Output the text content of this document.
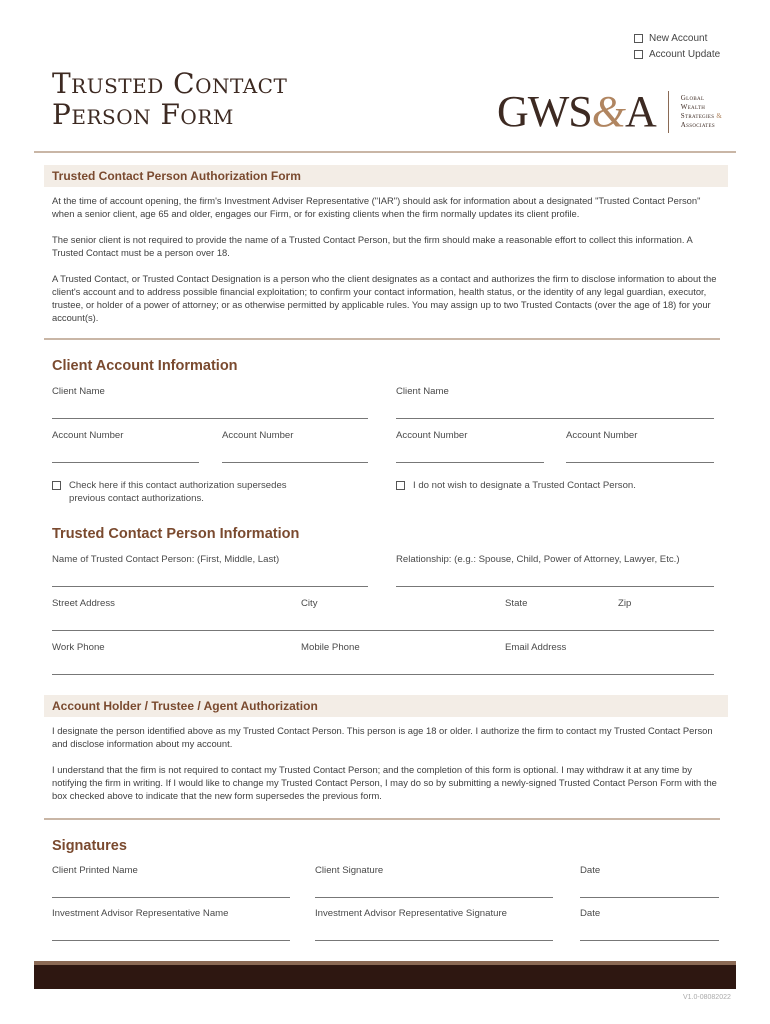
New Account
Account Update
Trusted Contact
Person Form	GWS&A	Global
Wealth
Strategies &
Associates
Trusted Contact Person Authorization Form
At the time of account opening, the firm's Investment Adviser Representative ("IAR") should ask for information about a designated "Trusted Contact Person" when a senior client, age 65 and older, engages our Firm, or for existing clients when the firm normally updates its client profile.
The senior client is not required to provide the name of a Trusted Contact Person, but the firm should make a reasonable effort to collect this information. A Trusted Contact must be a person over 18.
A Trusted Contact, or Trusted Contact Designation is a person who the client designates as a contact and authorizes the firm to disclose information to about the client's account and to address possible financial exploitation; to confirm your contact information, health status, or the identity of any legal guardian, executor, trustee, or holder of a power of attorney; or as otherwise permitted by applicable rules. You may assign up to two Trusted Contacts (over the age of 18) for your account(s).
Client Account Information
Client Name	Client Name
Account Number	Account Number	Account Number	Account Number
Check here if this contact authorization supersedes
previous contact authorizations.
I do not wish to designate a Trusted Contact Person.
Trusted Contact Person Information
Name of Trusted Contact Person: (First, Middle, Last)	Relationship: (e.g.: Spouse, Child, Power of Attorney, Lawyer, Etc.)
Street Address	City	State	Zip
Work Phone	Mobile Phone	Email Address
Account Holder / Trustee / Agent Authorization
I designate the person identified above as my Trusted Contact Person. This person is age 18 or older. I authorize the firm to contact my Trusted Contact Person and disclose information about my account.
I understand that the firm is not required to contact my Trusted Contact Person; and the completion of this form is optional. I may withdraw it at any time by notifying the firm in writing. If I would like to change my Trusted Contact Person, I may do so by submitting a newly-signed Trusted Contact Person Form with the box checked above to indicate that the new form supersedes the previous form.
Signatures
Client Printed Name	Client Signature	Date
Investment Advisor Representative Name	Investment Advisor Representative Signature	Date
V1.0-08082022
